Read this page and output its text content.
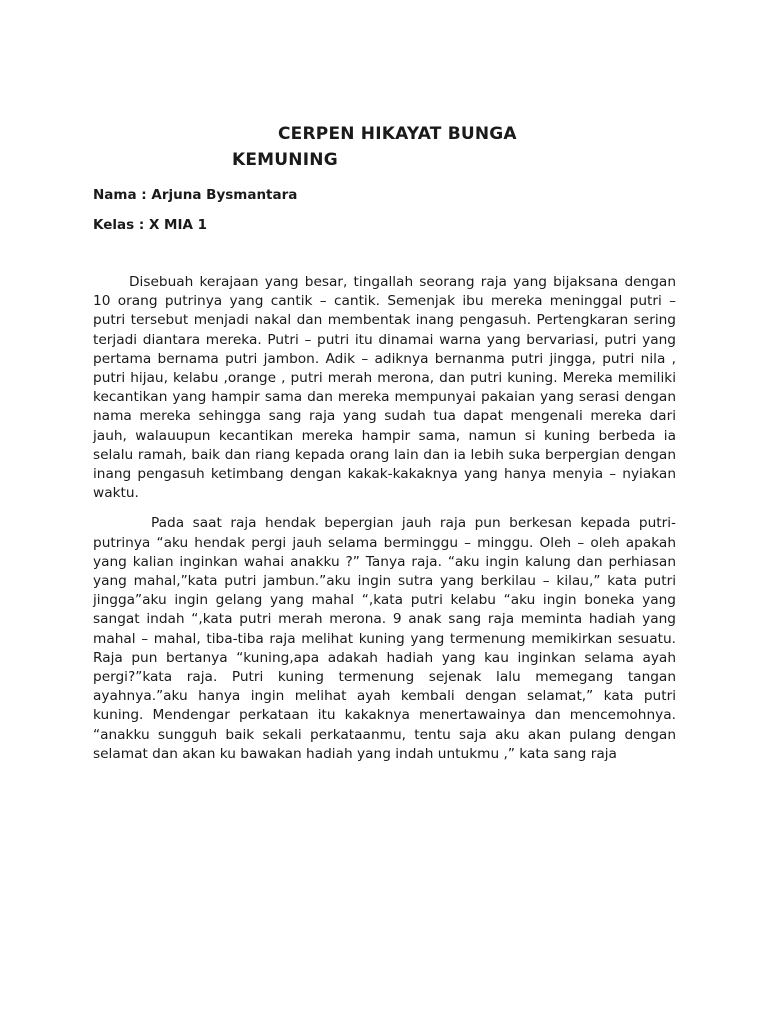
CERPEN HIKAYAT BUNGA
KEMUNING
Nama : Arjuna Bysmantara
Kelas : X MIA 1

Disebuah kerajaan yang besar, tingallah seorang raja yang bijaksana dengan 10 orang putrinya yang cantik – cantik. Semenjak ibu mereka meninggal putri – putri tersebut menjadi nakal dan membentak inang pengasuh. Pertengkaran sering terjadi diantara mereka. Putri – putri itu dinamai warna yang bervariasi, putri yang pertama bernama putri jambon. Adik – adiknya bernanma putri jingga, putri nila , putri hijau, kelabu ,orange , putri merah merona, dan putri kuning. Mereka memiliki kecantikan yang hampir sama dan mereka mempunyai pakaian yang serasi dengan nama mereka sehingga sang raja yang sudah tua dapat mengenali mereka dari jauh, walauupun kecantikan mereka hampir sama, namun si kuning berbeda ia selalu ramah, baik dan riang kepada orang lain dan ia lebih suka berpergian dengan inang pengasuh ketimbang dengan kakak-kakaknya yang hanya menyia – nyiakan waktu.

Pada saat raja hendak bepergian jauh raja pun berkesan kepada putri-putrinya “aku hendak pergi jauh selama berminggu – minggu. Oleh – oleh apakah yang kalian inginkan wahai anakku ?” Tanya raja. “aku ingin kalung dan perhiasan yang mahal,”kata putri jambun.”aku ingin sutra yang berkilau – kilau,” kata putri jingga”aku ingin gelang yang mahal “,kata putri kelabu “aku ingin boneka yang sangat indah “,kata putri merah merona. 9 anak sang raja meminta hadiah yang mahal – mahal, tiba-tiba raja melihat kuning yang termenung memikirkan sesuatu. Raja pun bertanya “kuning,apa adakah hadiah yang kau inginkan selama ayah pergi?”kata raja. Putri kuning termenung sejenak lalu memegang tangan ayahnya.”aku hanya ingin melihat ayah kembali dengan selamat,” kata putri kuning. Mendengar perkataan itu kakaknya menertawainya dan mencemohnya. “anakku sungguh baik sekali perkataanmu, tentu saja aku akan pulang dengan selamat dan akan ku bawakan hadiah yang indah untukmu ,” kata sang raja
